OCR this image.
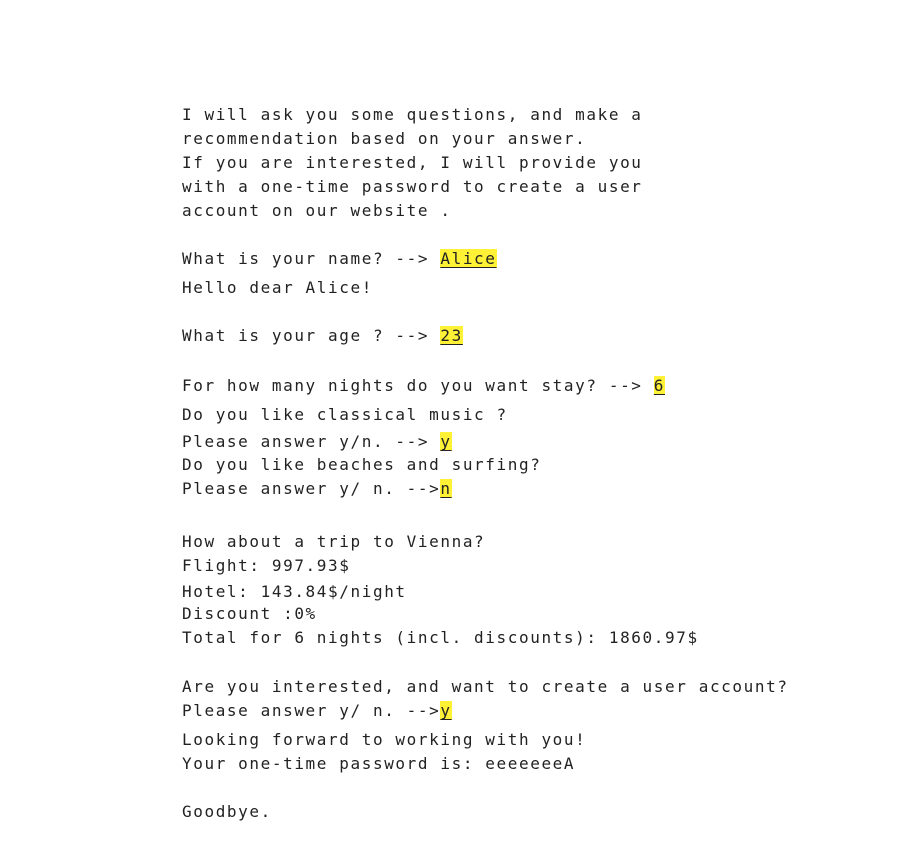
I will ask you some questions, and make a
recommendation based on your answer.
If you are interested, I will provide you
with a one-time password to create a user
account on our website .
What is your name? --> Alice
Hello dear Alice!
What is your age ? --> 23
For how many nights do you want stay? --> 6
Do you like classical music ?
Please answer y/n. --> y
Do you like beaches and surfing?
Please answer y/ n. -->n
How about a trip to Vienna?
Flight: 997.93$
Hotel: 143.84$/night
Discount :0%
Total for 6 nights (incl. discounts): 1860.97$
Are you interested, and want to create a user account?
Please answer y/ n. -->y
Looking forward to working with you!
Your one-time password is: eeeeeeeA
Goodbye.
